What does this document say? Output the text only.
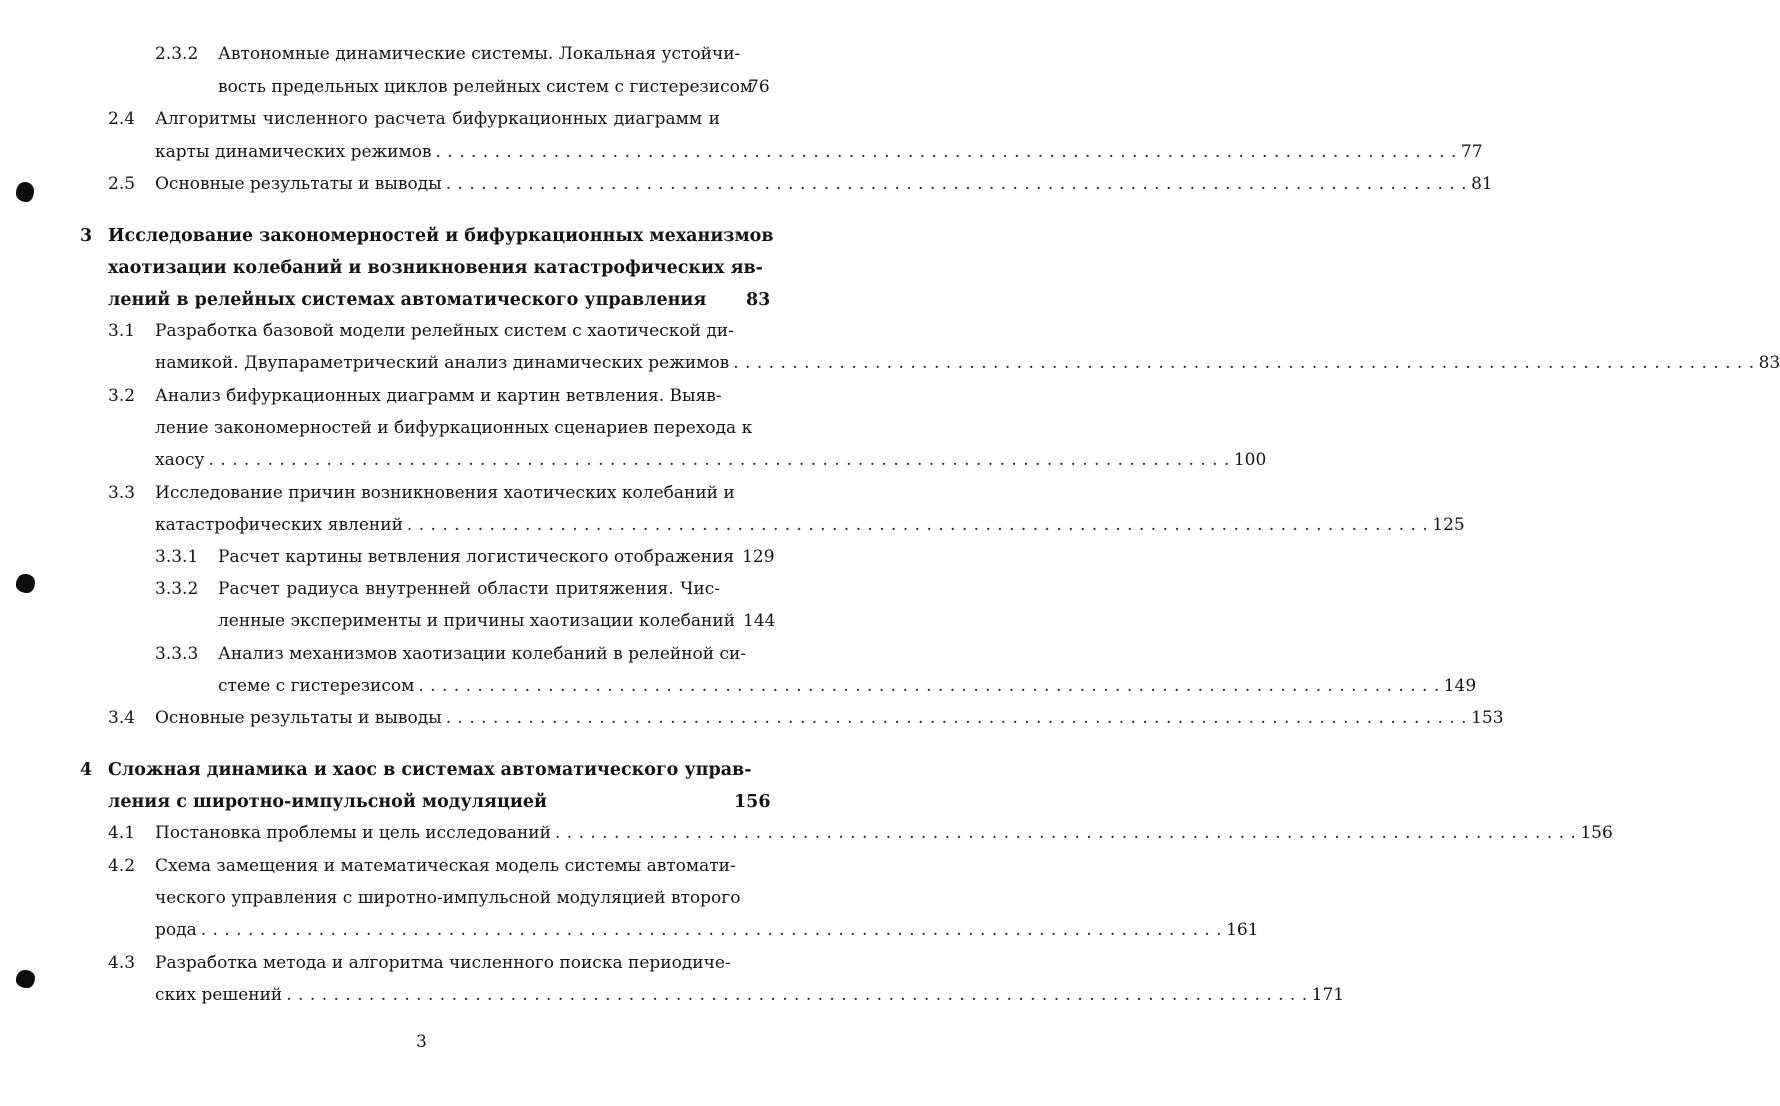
2.3.2 Автономные динамические системы. Локальная устойчи-
вость предельных циклов релейных систем с гистерезисом
76
2.4 Алгоритмы численного расчета бифуркационных диаграмм и
карты динамических режимов . . . . . . . . . . . . . . . . . . . . . . . . . . . . . . . . . . . . . . . . . . . . . . . . . . . . . . . . . . . . . . . . . . . . . . . . . . . . . . . . . . . . . . . 77
2.5 Основные результаты и выводы . . . . . . . . . . . . . . . . . . . . . . . . . . . . . . . . . . . . . . . . . . . . . . . . . . . . . . . . . . . . . . . . . . . . . . . . . . . . . . . . . . . . . . . 81
3 Исследование закономерностей и бифуркационных механизмов
хаотизации колебаний и возникновения катастрофических яв-
лений в релейных системах автоматического управления 83
3.1 Разработка базовой модели релейных систем с хаотической ди-
намикой. Двупараметрический анализ динамических режимов . . . . . . . . . . . . . . . . . . . . . . . . . . . . . . . . . . . . . . . . . . . . . . . . . . . . . . . . . . . . . . . . . . . . . . . . . . . . . . . . . . . . . . . 83
3.2 Анализ бифуркационных диаграмм и картин ветвления. Выяв-
ление закономерностей и бифуркационных сценариев перехода к
хаосу . . . . . . . . . . . . . . . . . . . . . . . . . . . . . . . . . . . . . . . . . . . . . . . . . . . . . . . . . . . . . . . . . . . . . . . . . . . . . . . . . . . . . . . 100
3.3 Исследование причин возникновения хаотических колебаний и
катастрофических явлений . . . . . . . . . . . . . . . . . . . . . . . . . . . . . . . . . . . . . . . . . . . . . . . . . . . . . . . . . . . . . . . . . . . . . . . . . . . . . . . . . . . . . . . 125
3.3.1 Расчет картины ветвления логистического отображения 129
3.3.2 Расчет радиуса внутренней области притяжения. Чис-
ленные эксперименты и причины хаотизации колебаний 144
3.3.3 Анализ механизмов хаотизации колебаний в релейной си-
стеме с гистерезисом . . . . . . . . . . . . . . . . . . . . . . . . . . . . . . . . . . . . . . . . . . . . . . . . . . . . . . . . . . . . . . . . . . . . . . . . . . . . . . . . . . . . . . . 149
3.4 Основные результаты и выводы . . . . . . . . . . . . . . . . . . . . . . . . . . . . . . . . . . . . . . . . . . . . . . . . . . . . . . . . . . . . . . . . . . . . . . . . . . . . . . . . . . . . . . . 153
4 Сложная динамика и хаос в системах автоматического управ-
ления с широтно-импульсной модуляцией	156
4.1 Постановка проблемы и цель исследований . . . . . . . . . . . . . . . . . . . . . . . . . . . . . . . . . . . . . . . . . . . . . . . . . . . . . . . . . . . . . . . . . . . . . . . . . . . . . . . . . . . . . . . 156
4.2 Схема замещения и математическая модель системы автомати-
ческого управления с широтно-импульсной модуляцией второго
рода . . . . . . . . . . . . . . . . . . . . . . . . . . . . . . . . . . . . . . . . . . . . . . . . . . . . . . . . . . . . . . . . . . . . . . . . . . . . . . . . . . . . . . . 161
4.3 Разработка метода и алгоритма численного поиска периодиче-
ских решений . . . . . . . . . . . . . . . . . . . . . . . . . . . . . . . . . . . . . . . . . . . . . . . . . . . . . . . . . . . . . . . . . . . . . . . . . . . . . . . . . . . . . . . 171
3
